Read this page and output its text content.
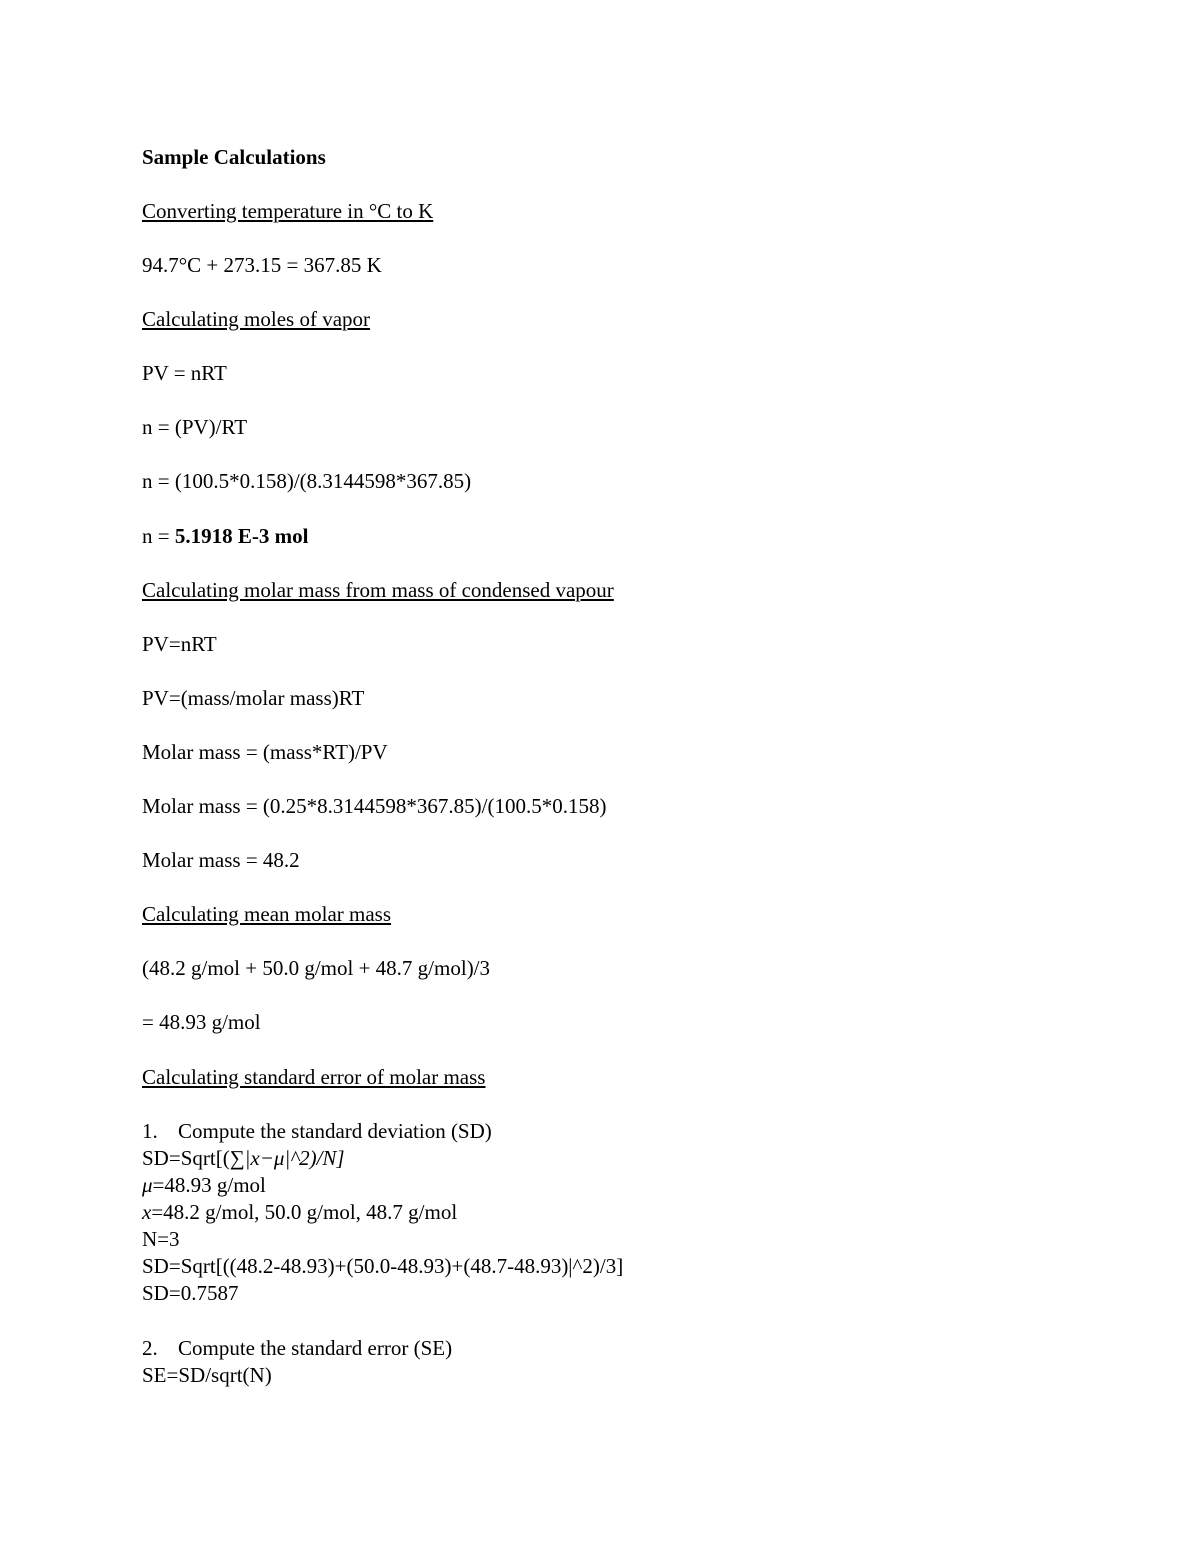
Sample Calculations
Converting temperature in °C to K
94.7°C + 273.15 = 367.85 K
Calculating moles of vapor
PV = nRT
n = (PV)/RT
n = (100.5*0.158)/(8.3144598*367.85)
n = 5.1918 E-3 mol
Calculating molar mass from mass of condensed vapour
PV=nRT
PV=(mass/molar mass)RT
Molar mass = (mass*RT)/PV
Molar mass = (0.25*8.3144598*367.85)/(100.5*0.158)
Molar mass = 48.2
Calculating mean molar mass
(48.2 g/mol + 50.0 g/mol + 48.7 g/mol)/3
= 48.93 g/mol
Calculating standard error of molar mass
1. Compute the standard deviation (SD)
SD=Sqrt[(∑|x−μ|^2)/N]
μ=48.93 g/mol
x=48.2 g/mol, 50.0 g/mol, 48.7 g/mol
N=3
SD=Sqrt[((48.2-48.93)+(50.0-48.93)+(48.7-48.93)|^2)/3]
SD=0.7587
2. Compute the standard error (SE)
SE=SD/sqrt(N)
